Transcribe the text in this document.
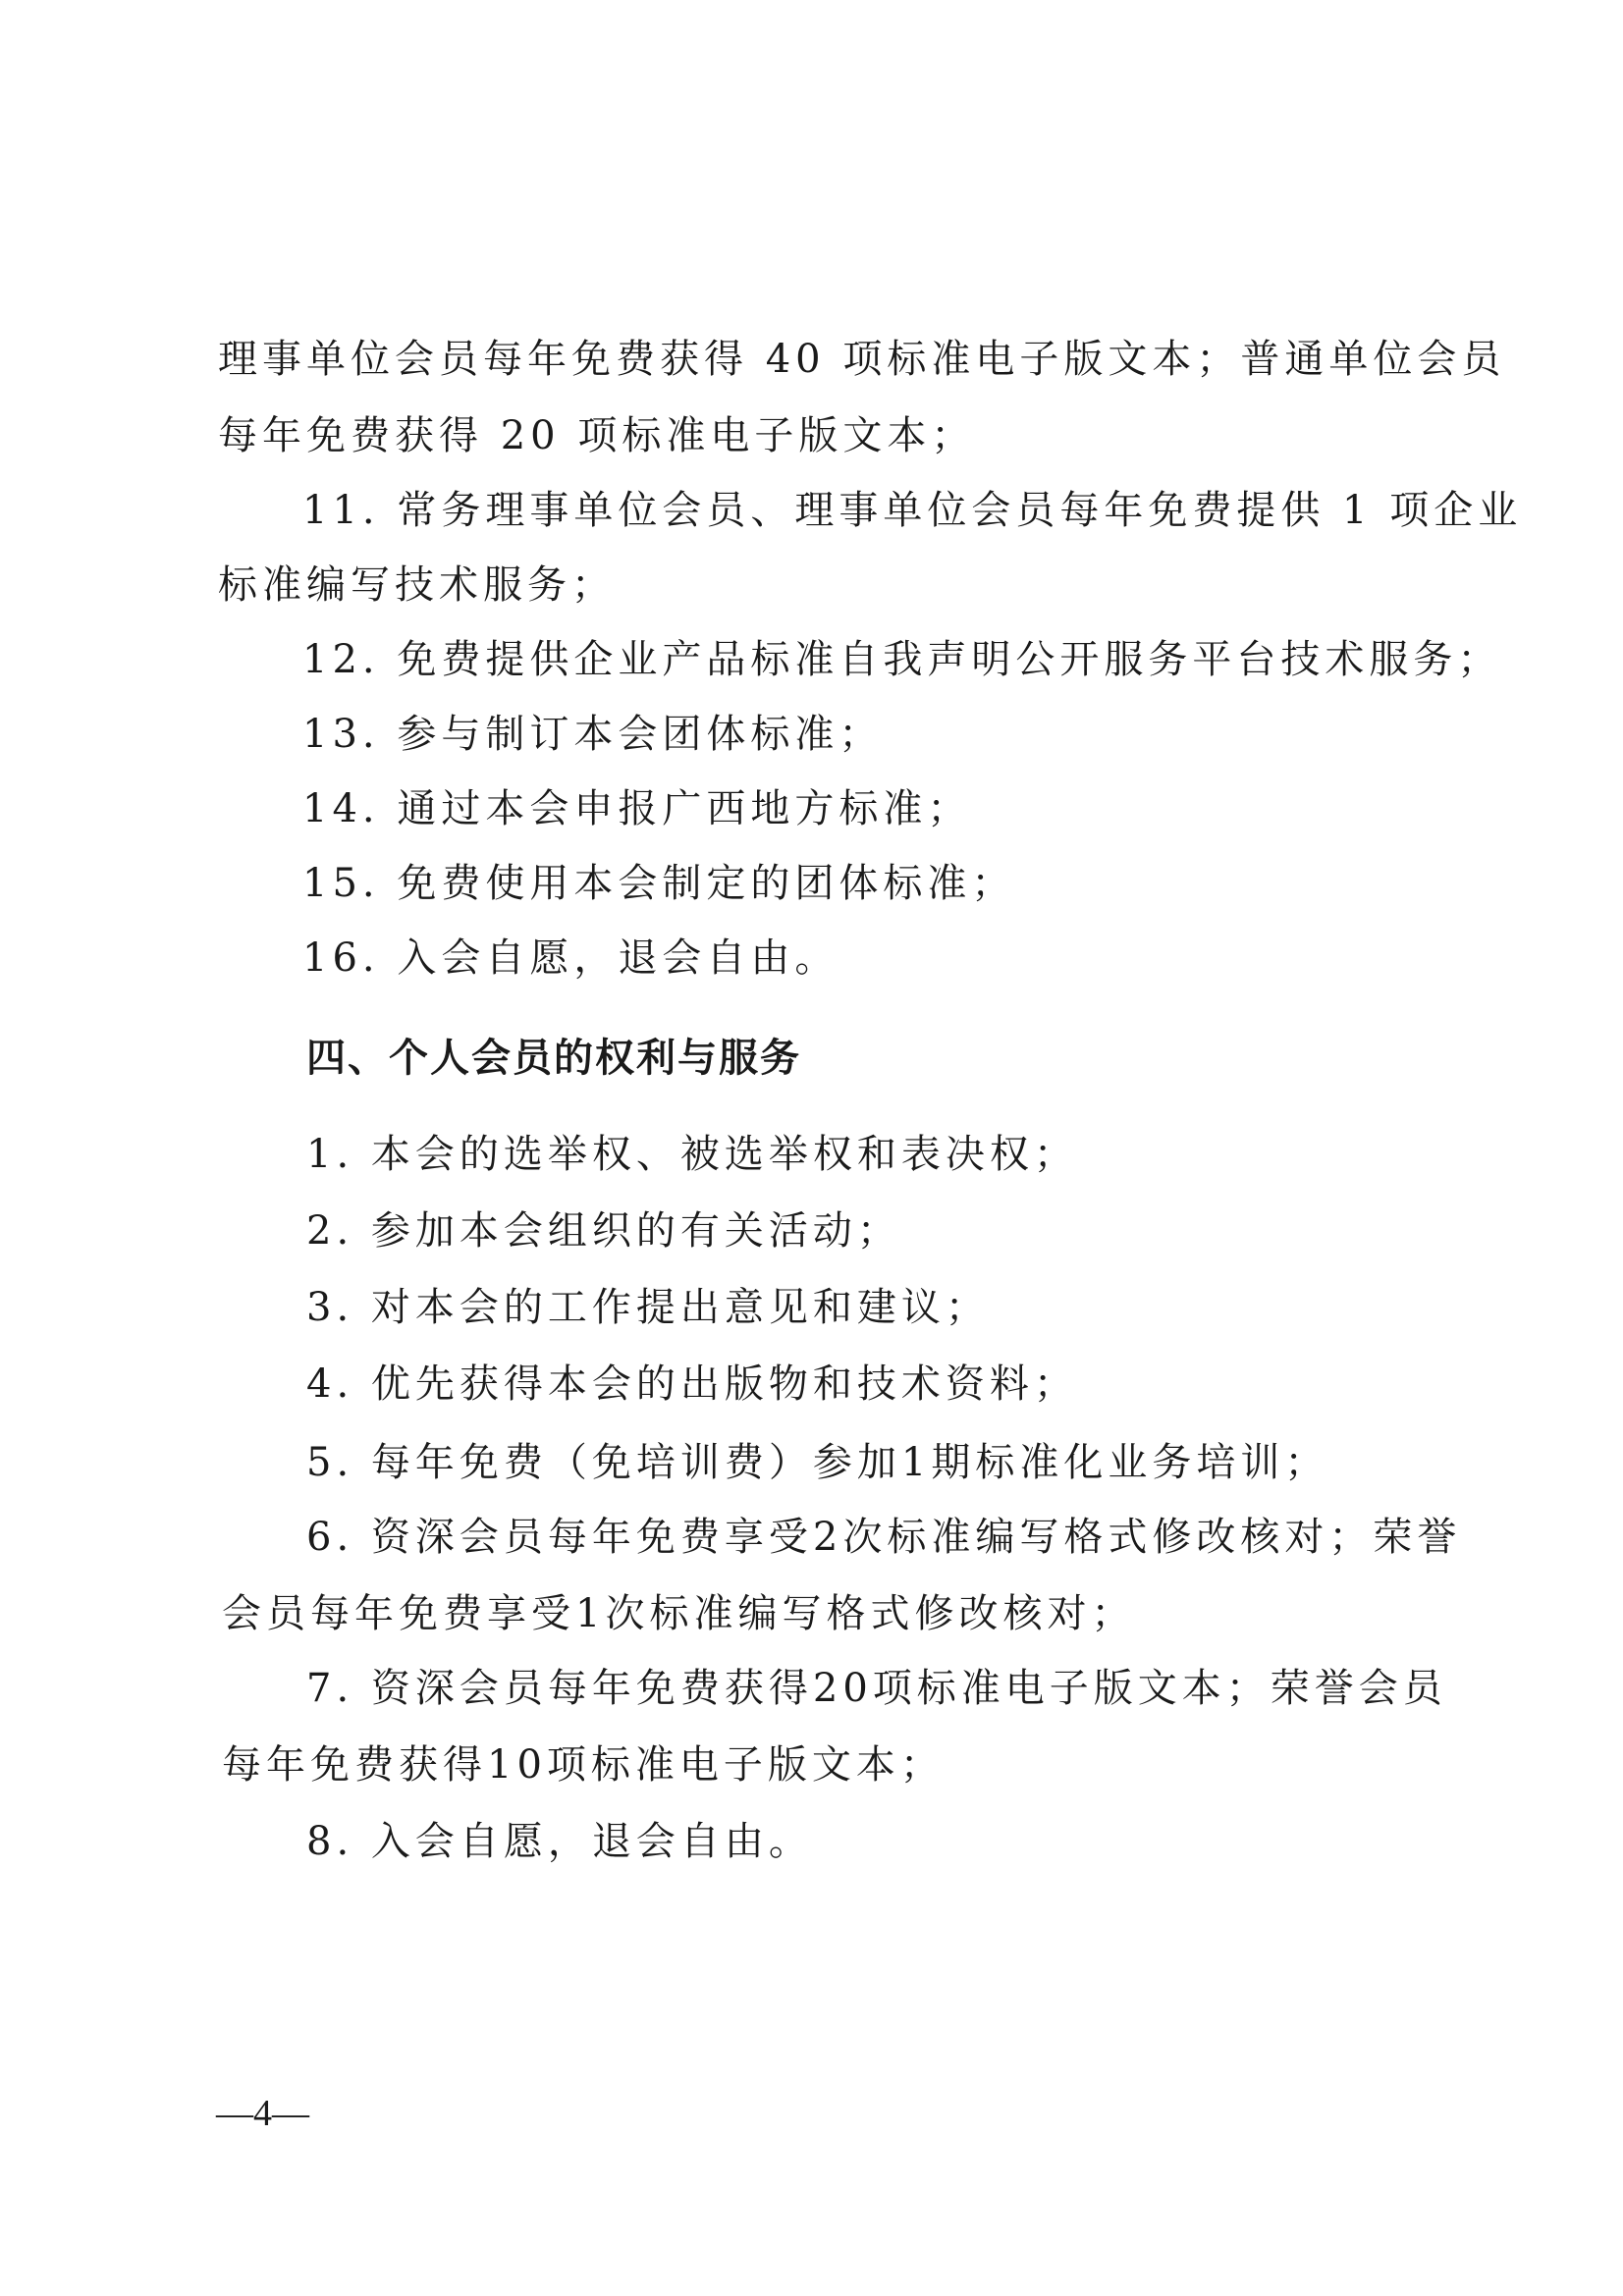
理事单位会员每年免费获得 40 项标准电子版文本；普通单位会员
每年免费获得 20 项标准电子版文本；
11. 常务理事单位会员、理事单位会员每年免费提供 1 项企业
标准编写技术服务；
12. 免费提供企业产品标准自我声明公开服务平台技术服务；
13. 参与制订本会团体标准；
14. 通过本会申报广西地方标准；
15. 免费使用本会制定的团体标准；
16. 入会自愿，退会自由。
四、个人会员的权利与服务
1. 本会的选举权、被选举权和表决权；
2. 参加本会组织的有关活动；
3. 对本会的工作提出意见和建议；
4. 优先获得本会的出版物和技术资料；
5. 每年免费（免培训费）参加1期标准化业务培训；
6. 资深会员每年免费享受2次标准编写格式修改核对；荣誉
会员每年免费享受1次标准编写格式修改核对；
7. 资深会员每年免费获得20项标准电子版文本；荣誉会员
每年免费获得10项标准电子版文本；
8. 入会自愿，退会自由。
—4—
